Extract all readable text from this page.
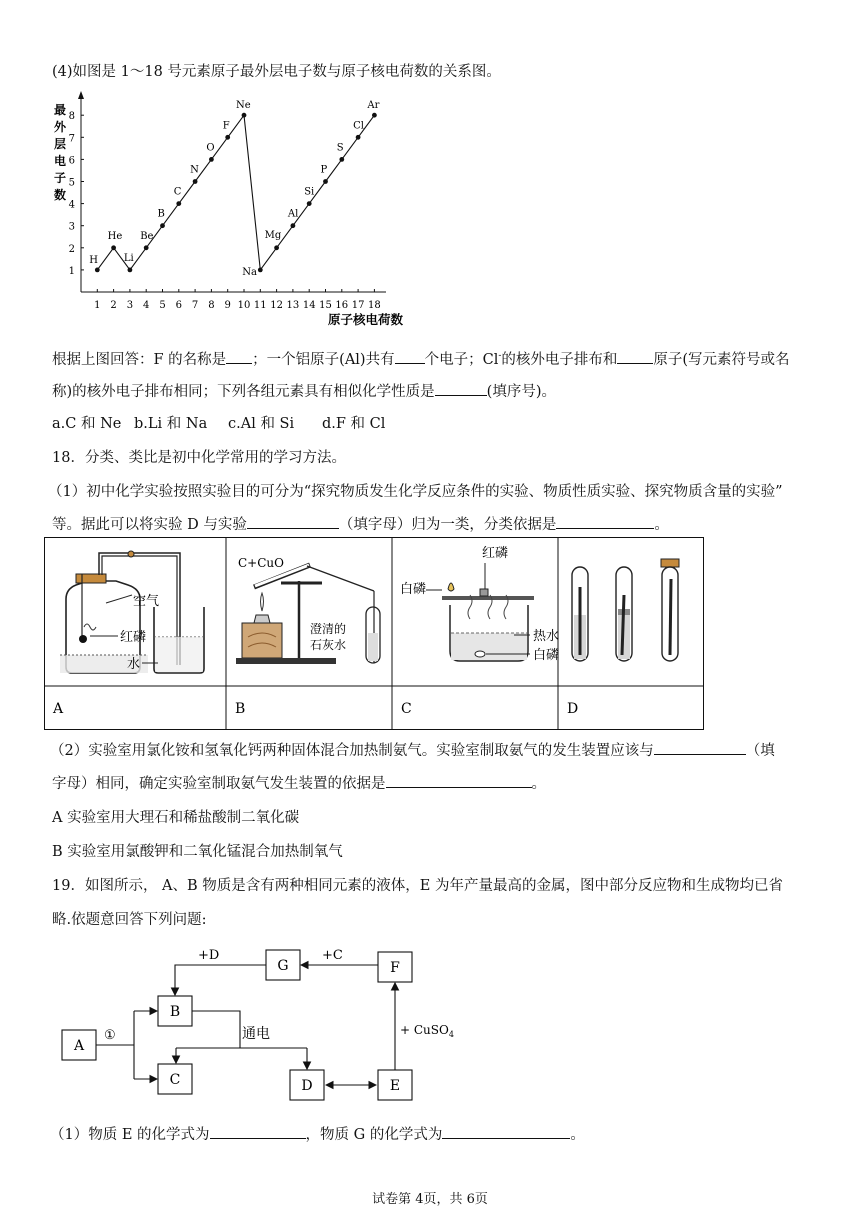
(4)如图是 1～18 号元素原子最外层电子数与原子核电荷数的关系图。
最
外
层
电
子
数
1 2 3 4 5 6 7 8 9 10 11 12 13 14 15 16 17 18
1
2
3
4
5
6
7
8
H
He
Li
Be
B
C
N
O
F
Ne
Na
Mg
Al
Si
P
S
Cl
Ar
原子核电荷数
根据上图回答：F 的名称是 ；一个铝原子(Al)共有 个电子；Cl-的核外电子排布和 原子(写元素符号或名
称)的核外电子排布相同；下列各组元素具有相似化学性质是	(填序号)。
a.C 和 Ne b.Li 和 Na c.Al 和 Si d.F 和 Cl
18．分类、类比是初中化学常用的学习方法。
（1）初中化学实验按照实验目的可分为“探究物质发生化学反应条件的实验、物质性质实验、探究物质含量的实验”
等。据此可以将实验 D 与实验	（填字母）归为一类，分类依据是	。
空气
红磷
水
C+CuO
澄清的
石灰水
红磷
白磷
热水
白磷
A	B	C	D
（2）实验室用氯化铵和氢氧化钙两种固体混合加热制氨气。实验室制取氨气的发生装置应该与	（填
字母）相同，确定实验室制取氨气发生装置的依据是	。
A 实验室用大理石和稀盐酸制二氧化碳
B 实验室用氯酸钾和二氧化锰混合加热制氧气
19．如图所示， A、B 物质是含有两种相同元素的液体，E 为年产量最高的金属，图中部分反应物和生成物均已省
略.依题意回答下列问题:
A
B
C	D	E
F
G
+D	+C
①	通电	+ CuSO$_4$
（1）物质 E 的化学式为	，物质 G 的化学式为	。
试卷第 4页，共 6页
